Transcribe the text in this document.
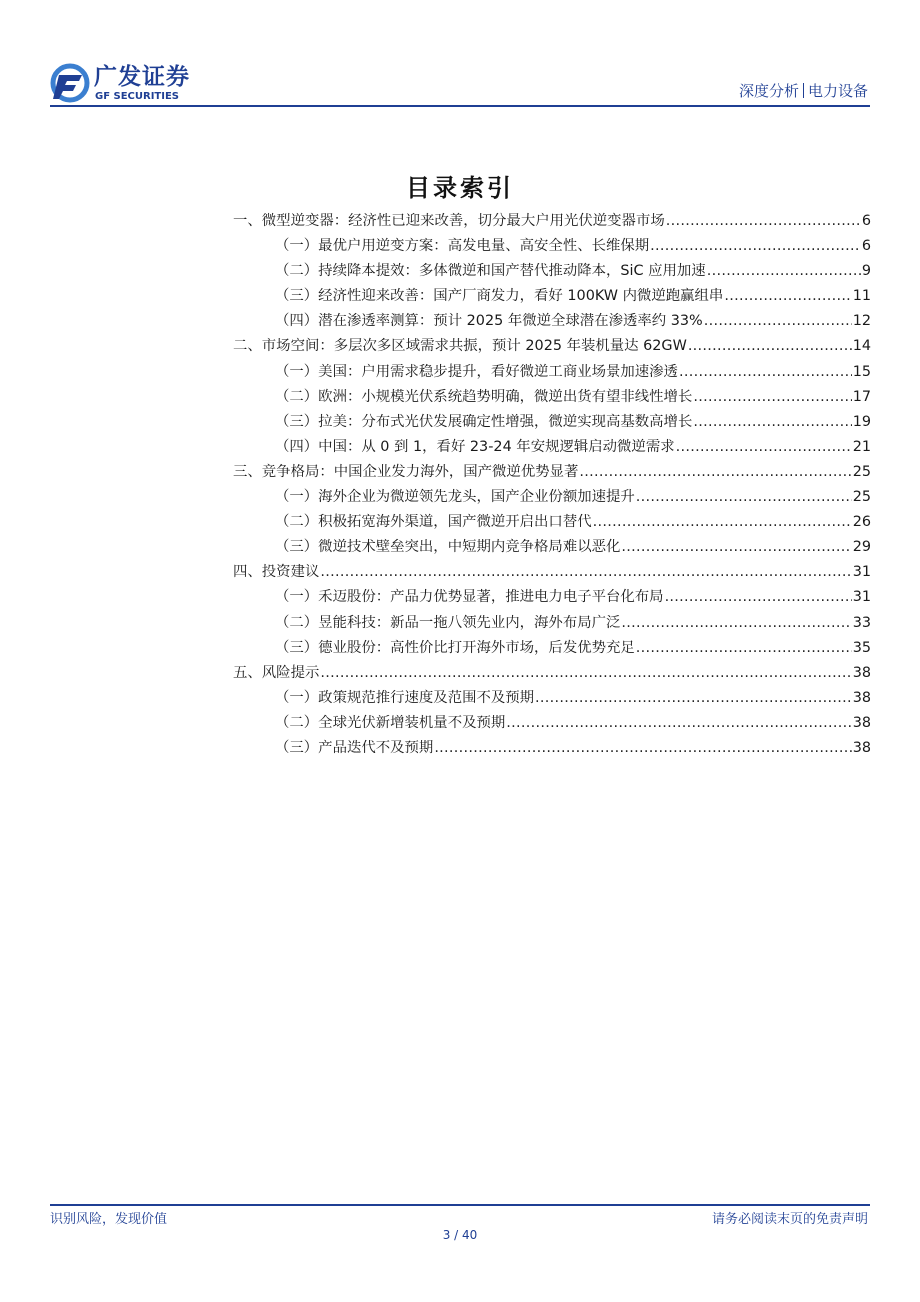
广发证券
GF SECURITIES	深度分析 电力设备
目录索引
一、微型逆变器：经济性已迎来改善，切分最大户用光伏逆变器市场 .....	6
（一）最优户用逆变方案：高发电量、高安全性、长维保期 .....	6
（二）持续降本提效：多体微逆和国产替代推动降本，SiC 应用加速 .....	9
（三）经济性迎来改善：国产厂商发力，看好 100KW 内微逆跑赢组串 .....	11
（四）潜在渗透率测算：预计 2025 年微逆全球潜在渗透率约 33% .....	12
二、市场空间：多层次多区域需求共振，预计 2025 年装机量达 62GW .....	14
（一）美国：户用需求稳步提升，看好微逆工商业场景加速渗透 .....	15
（二）欧洲：小规模光伏系统趋势明确，微逆出货有望非线性增长 .....	17
（三）拉美：分布式光伏发展确定性增强，微逆实现高基数高增长 .....	19
（四）中国：从 0 到 1，看好 23-24 年安规逻辑启动微逆需求 .....	21
三、竞争格局：中国企业发力海外，国产微逆优势显著 .....	25
（一）海外企业为微逆领先龙头，国产企业份额加速提升 .....	25
（二）积极拓宽海外渠道，国产微逆开启出口替代 .....	26
（三）微逆技术壁垒突出，中短期内竞争格局难以恶化 .....	29
四、投资建议 .....	31
（一）禾迈股份：产品力优势显著，推进电力电子平台化布局 .....	31
（二）昱能科技：新品一拖八领先业内，海外布局广泛 .....	33
（三）德业股份：高性价比打开海外市场，后发优势充足 .....	35
五、风险提示 .....	38
（一）政策规范推行速度及范围不及预期 .....	38
（二）全球光伏新增装机量不及预期 .....	38
（三）产品迭代不及预期 .....	38
识别风险，发现价值	请务必阅读末页的免责声明
3 / 40
